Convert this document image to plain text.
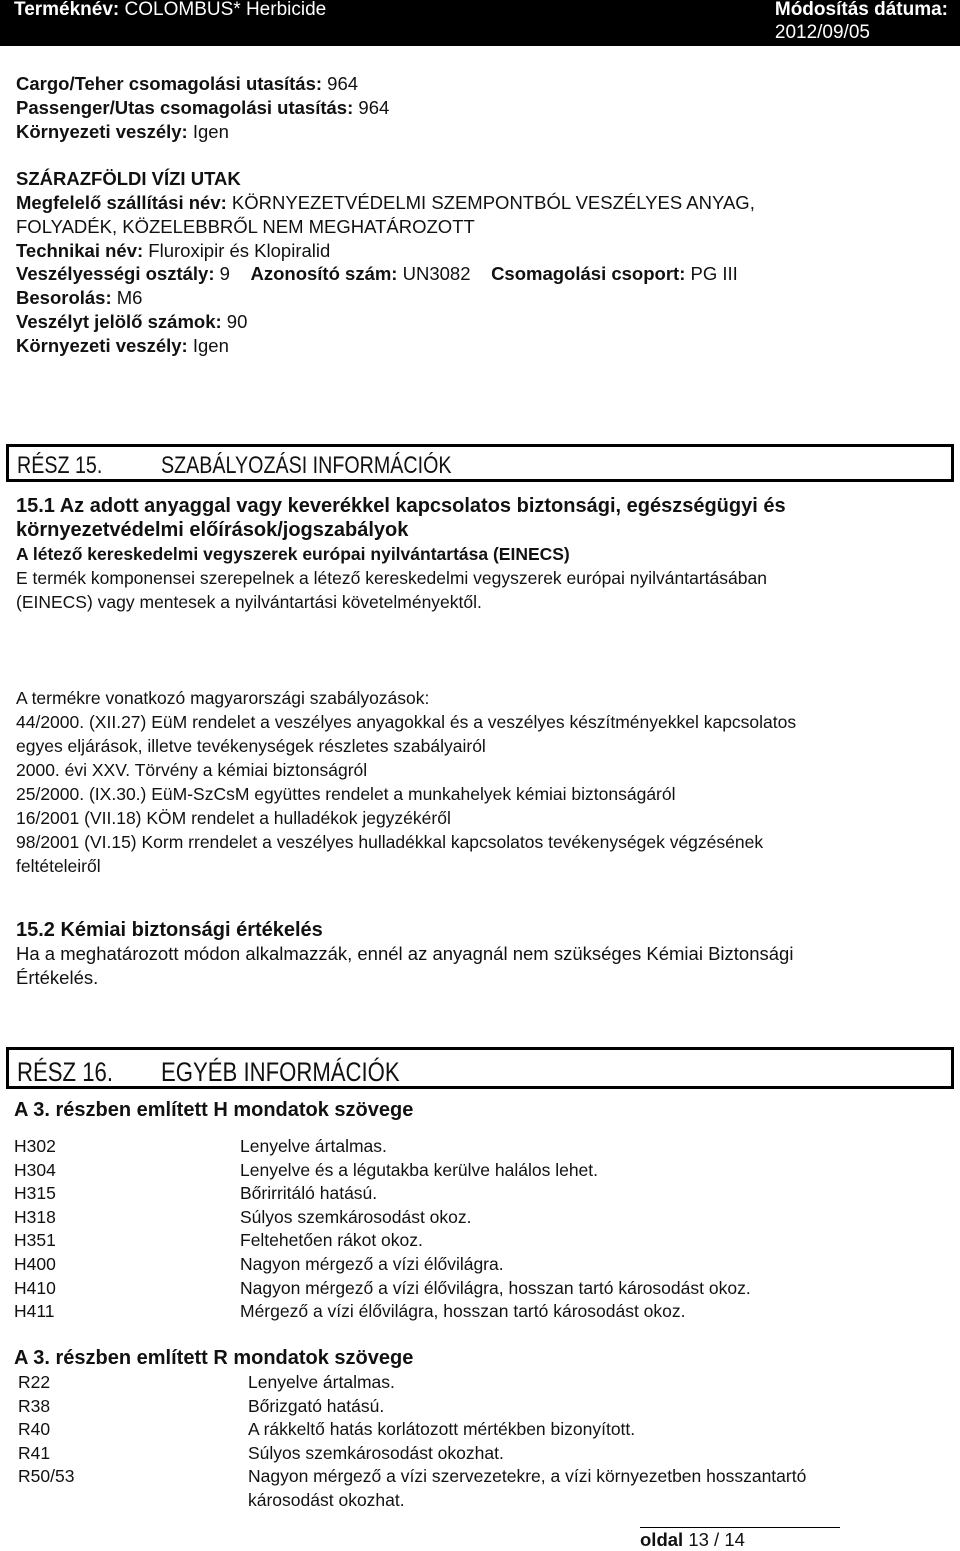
Terméknév: COLOMBUS* Herbicide	Módosítás dátuma:
2012/09/05

Cargo/Teher csomagolási utasítás: 964

Passenger/Utas csomagolási utasítás: 964

Környezeti veszély: Igen

SZÁRAZFÖLDI VÍZI UTAK

Megfelelő szállítási név: KÖRNYEZETVÉDELMI SZEMPONTBÓL VESZÉLYES ANYAG,

FOLYADÉK, KÖZELEBBRŐL NEM MEGHATÁROZOTT

Technikai név: Fluroxipir és Klopiralid

Veszélyességi osztály: 9 Azonosító szám: UN3082 Csomagolási csoport: PG III

Besorolás: M6

Veszélyt jelölő számok: 90

Környezeti veszély: Igen

RÉSZ 15. SZABÁLYOZÁSI INFORMÁCIÓK

15.1 Az adott anyaggal vagy keverékkel kapcsolatos biztonsági, egészségügyi és

környezetvédelmi előírások/jogszabályok

A létező kereskedelmi vegyszerek európai nyilvántartása (EINECS)

E termék komponensei szerepelnek a létező kereskedelmi vegyszerek európai nyilvántartásában

(EINECS) vagy mentesek a nyilvántartási követelményektől.

A termékre vonatkozó magyarországi szabályozások:

44/2000. (XII.27) EüM rendelet a veszélyes anyagokkal és a veszélyes készítményekkel kapcsolatos

egyes eljárások, illetve tevékenységek részletes szabályairól

2000. évi XXV. Törvény a kémiai biztonságról

25/2000. (IX.30.) EüM-SzCsM együttes rendelet a munkahelyek kémiai biztonságáról

16/2001 (VII.18) KÖM rendelet a hulladékok jegyzékéről

98/2001 (VI.15) Korm rrendelet a veszélyes hulladékkal kapcsolatos tevékenységek végzésének

feltételeiről

15.2 Kémiai biztonsági értékelés

Ha a meghatározott módon alkalmazzák, ennél az anyagnál nem szükséges Kémiai Biztonsági

Értékelés.

RÉSZ 16. EGYÉB INFORMÁCIÓK
A 3. részben említett H mondatok szövege
H302	Lenyelve ártalmas.
H304	Lenyelve és a légutakba kerülve halálos lehet.
H315	Bőrirritáló hatású.
H318	Súlyos szemkárosodást okoz.
H351	Feltehetően rákot okoz.
H400	Nagyon mérgező a vízi élővilágra.
H410	Nagyon mérgező a vízi élővilágra, hosszan tartó károsodást okoz.
H411	Mérgező a vízi élővilágra, hosszan tartó károsodást okoz.
A 3. részben említett R mondatok szövege
R22	Lenyelve ártalmas.
R38	Bőrizgató hatású.
R40	A rákkeltő hatás korlátozott mértékben bizonyított.
R41	Súlyos szemkárosodást okozhat.
R50/53	Nagyon mérgező a vízi szervezetekre, a vízi környezetben hosszantartó
	károsodást okozhat.
oldal 13 / 14
